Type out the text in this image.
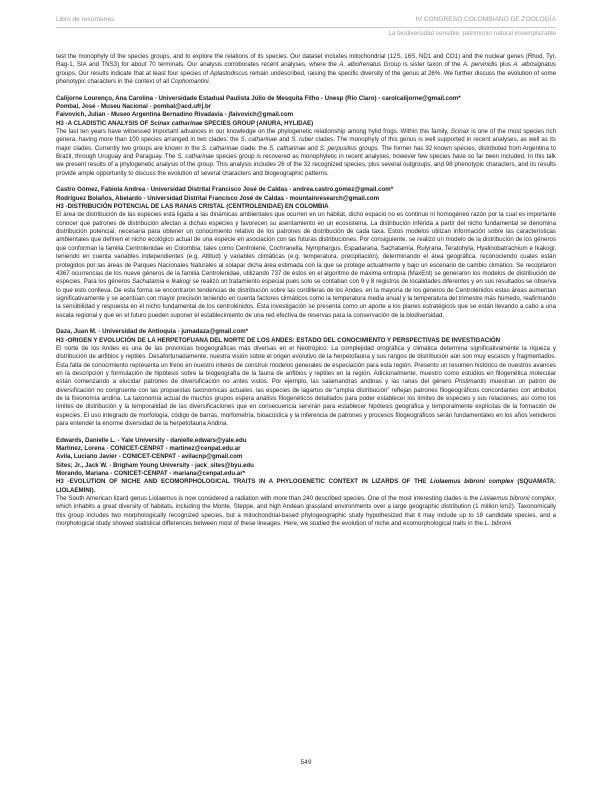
Libro de resúmenes	IV CONGRESO COLOMBIANO DE ZOOLOGÍA
La biodiversidad sensible, patrimonio natural irreemplazable

test the monophyly of the species groups, and to explore the relations of its species. Our dataset includes mitochondrial (12S, 16S, ND1 and CO1) and the nuclear genes (Rhod, Tyr, Rag-1, SIA and TNS3) for about 70 terminals. Our analysis corroborates recent analyses, where the A. albofrenatus Group is sister taxon of the A. pervinidis plus A. albosignatus groups. Our results indicate that at least four species of Aplastodiscus remain undescribed, raising the specific diversity of the genus at 26%. We further discuss the evolution of some phenotypic characters in the context of all Cophomantini.

Calijorne Lourenço, Ana Carolina - Universidade Estadual Paulista Júlio de Mesquita Filho - Unesp (Rio Claro) - carolcalijorne@gmail.com*

Pombal, José - Museu Nacional - pombal@acd.ufrj.br

Faivovich, Julian - Museo Argentina Bernadino Rivadavia - jfaivovich@gmail.com

H3 -A CLADISTIC ANALYSIS OF Scinax catharinae SPECIES GROUP (ANURA, HYLIDAE)

The last ten years have witnessed important advances in our knowledge on the phylogenetic relationship among hylid frogs. Within this family, Scinax is one of the most species rich genera, having more than 100 species arranged in two clades: the S. catharinae and S. ruber clades. The monophyly of this genus is well supported in recent analyses, as well as its major clades. Currently two groups are known in the S. catharinae clade: the S. catharinae and S. perpusillus groups. The former has 32 known species, distributed from Argentina to Brazil, through Uruguay and Paraguay. The S. catharinae species group is recovered as monophyletic in recent analyses, however few species have so far been included. In this talk we present results of a phylogenetic analysis of the group. This analysis includes 26 of the 32 recognized species, plus several outgroups, and 98 phenotypic characters, and its results provide ample opportunity to discuss the evolution of several characters and biogeographic patterns.

Castro Gómez, Fabiola Andrea - Universidad Distrital Francisco José de Caldas - andrea.castro.gomez@gmail.com*

Rodríguez Bolaños, Abelardo - Universidad Distrital Francisco José de Caldas - mountainresearch@gmail.com

H3 -DISTRIBUCIÓN POTENCIAL DE LAS RANAS CRISTAL (CENTROLENIDAE) EN COLOMBIA

El área de distribución de las especies está ligada a las dinámicas ambientales que ocurren en un hábitat, dicho espacio no es continuo ni homogéneo razón por la cual es importante conocer que patrones de distribución afectan a dichas especies y favorecen su asentamiento en un ecosistema. La distribución inferida a partir del nicho fundamental se denomina distribución potencial, necesaria para obtener un conocimiento relativo de los patrones de distribución de cada taxa. Estos modelos utilizan información sobre las características ambientales que definen el nicho ecológico actual de una especie en asociación con las futuras distribuciones. Por consiguiente, se realizó un modelo de la distribución de los géneros que conforman la familia Centrolenidae en Colombia; tales como Centrolene, Cochranella, Nymphargus, Espadarana, Sachatamia, Rulyrana, Teratohyla, Hyalinobatrachium e Ikakogi; teniendo en cuenta variables independientes (e.g. Altitud) y variables climáticas (e.g. temperatura, precipitación), determinando el área geográfica, reconociendo cuales están protegidos por las áreas de Parques Nacionales Naturales al solapar dicha área estimada con la que se protege actualmente y bajo un escenario de cambio climático. Se recopilaron 4367 ocurrencias de los nueve géneros de la familia Centrolenidae, utilizando 737 de éstos en el algoritmo de máxima entropía (MaxEnt) se generaron los modelos de distribución de especies. Para los géneros Sachatamia e Ikakogi se realizó un tratamiento especial pues solo se contaban con 9 y 8 registros de localidades diferentes y en sus resultados se observa lo que esto conlleva. De esta forma se encontraron tendencias de distribución sobre las cordilleras de los Andes, en la mayoría de los géneros de Centrolénidos estas áreas aumentan significativamente y se acentúan con mayor precisión teniendo en cuenta factores climáticos como la temperatura media anual y la temperatura del trimestre más húmedo, reafirmando la sensibilidad y respuesta en el nicho fundamental de los centrolénidos. Esta investigación se presenta como un aporte a los planes estratégicos que se están llevando a cabo a una escala regional y que en el futuro pueden suponer el establecimiento de una red efectiva de reservas para la conservación de la biodiversidad.

Daza, Juan M. - Universidad de Antioquia - jumadaza@gmail.com*

H3 -ORIGEN Y EVOLUCIÓN DE LA HERPETOFUANA DEL NORTE DE LOS ANDES: ESTADO DEL CONOCIMIENTO Y PERSPECTIVAS DE INVESTIGACIÓN

El norte de los Andes es una de las provincias biogeográficas más diversas en el Neotrópico. La complejidad orográfica y climática determina significativamente la riqueza y distribución de anfibios y reptiles. Desafortunadamente, nuestra visión sobre el origen evolutivo de la herpetofauna y sus rangos de distribución aún son muy escasos y fragmentados. Esta falta de conocimiento representa un freno en nuestro interés de construir modelos generales de especiación para esta región. Presento un resumen histórico de nuestros avances en la descripción y formulación de hipótesis sobre la biogeografía de la fauna de anfibios y reptiles en la región. Adicionalmente, muestro como estudios en filogenética molecular están comenzando a elucidar patrones de diversificación no antes vistos. Por ejemplo, las salamandras andinas y las ranas del género Pristimantis muestran un patrón de diversificación no congruente con las propuestas taxonómicas actuales, las especies de lagartos de “amplia distribución” reflejan patrones filogeográficos concordantes con atributos de la fisionomía andina. La taxonomía actual de muchos grupos espera análisis filogenéticos detallados para poder establecer los límites de especies y sus relaciones, así como los límites de distribución y la temporalidad de las diversificaciones que en consecuencia servirán para establecer hipótesis geográfica y temporalmente explícitas de la formación de especies. El uso integrado de morfología, código de barras, morfometría, bioacústica y la inferencia de patrones y procesos filogeográficos serán fundamentales en los años venideros para entender la enorme diversidad de la herpetofauna Andina.

Edwards, Danielle L. - Yale University - danielle.edwars@yale.edu

Martínez, Lorena - CONICET-CENPAT - martinez@cenpat.edu.ar

Avila, Luciano Javier - CONICET-CENPAT - avilacnp@gmail.com

Sites; Jr., Jack W. - Brigham Young University - jack_sites@byu.edu

Morando, Mariana - CONICET-CENPAT - mariana@cenpat.edu.ar*

H3 -EVOLUTION OF NICHE AND ECOMORPHOLOGICAL TRAITS IN A PHYLOGENETIC CONTEXT IN LIZARDS OF THE Liolaemus bibroni complex (SQUAMATA: LIOLAEMINI).

The South American lizard genus Liolaemus is now considered a radiation with more than 240 described species. One of the most interesting clades is the Liolaemus bibronii complex, which inhabits a great diversity of habitats, including the Monte, Steppe, and high Andean grassland environments over a large geographic distribution (1 million km2). Taxonomically this group includes two morphologically recognized species, but a mitochondrial-based phylogeographic study hypothesized that it may include up to 18 candidate species, and a morphological study showed statistical differences between most of these lineages. Here, we studied the evolution of niche and ecomorphological traits in the L. bibronii

549
